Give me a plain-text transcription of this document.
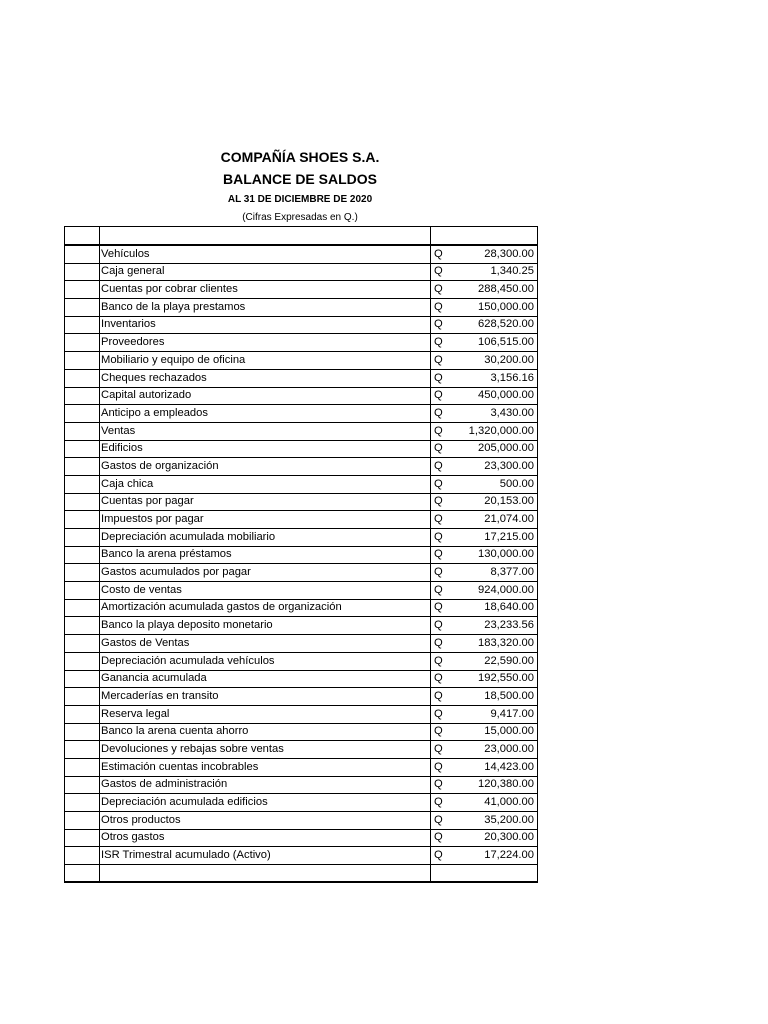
COMPAÑÍA SHOES S.A.
BALANCE DE SALDOS
AL 31 DE DICIEMBRE DE 2020
(Cifras Expresadas en Q.)

	Vehículos	Q	28,300.00
	Caja general	Q	1,340.25
	Cuentas por cobrar clientes	Q	288,450.00
	Banco de la playa prestamos	Q	150,000.00
	Inventarios	Q	628,520.00
	Proveedores	Q	106,515.00
	Mobiliario y equipo de oficina	Q	30,200.00
	Cheques rechazados	Q	3,156.16
	Capital autorizado	Q	450,000.00
	Anticipo a empleados	Q	3,430.00
	Ventas	Q	1,320,000.00
	Edificios	Q	205,000.00
	Gastos de organización	Q	23,300.00
	Caja chica	Q	500.00
	Cuentas por pagar	Q	20,153.00
	Impuestos por pagar	Q	21,074.00
	Depreciación acumulada mobiliario	Q	17,215.00
	Banco la arena préstamos	Q	130,000.00
	Gastos acumulados por pagar	Q	8,377.00
	Costo de ventas	Q	924,000.00
	Amortización acumulada gastos de organización	Q	18,640.00
	Banco la playa deposito monetario	Q	23,233.56
	Gastos de Ventas	Q	183,320.00
	Depreciación acumulada vehículos	Q	22,590.00
	Ganancia acumulada	Q	192,550.00
	Mercaderías en transito	Q	18,500.00
	Reserva legal	Q	9,417.00
	Banco la arena cuenta ahorro	Q	15,000.00
	Devoluciones y rebajas sobre ventas	Q	23,000.00
	Estimación cuentas incobrables	Q	14,423.00
	Gastos de administración	Q	120,380.00
	Depreciación acumulada edificios	Q	41,000.00
	Otros productos	Q	35,200.00
	Otros gastos	Q	20,300.00
	ISR Trimestral acumulado (Activo)	Q	17,224.00
